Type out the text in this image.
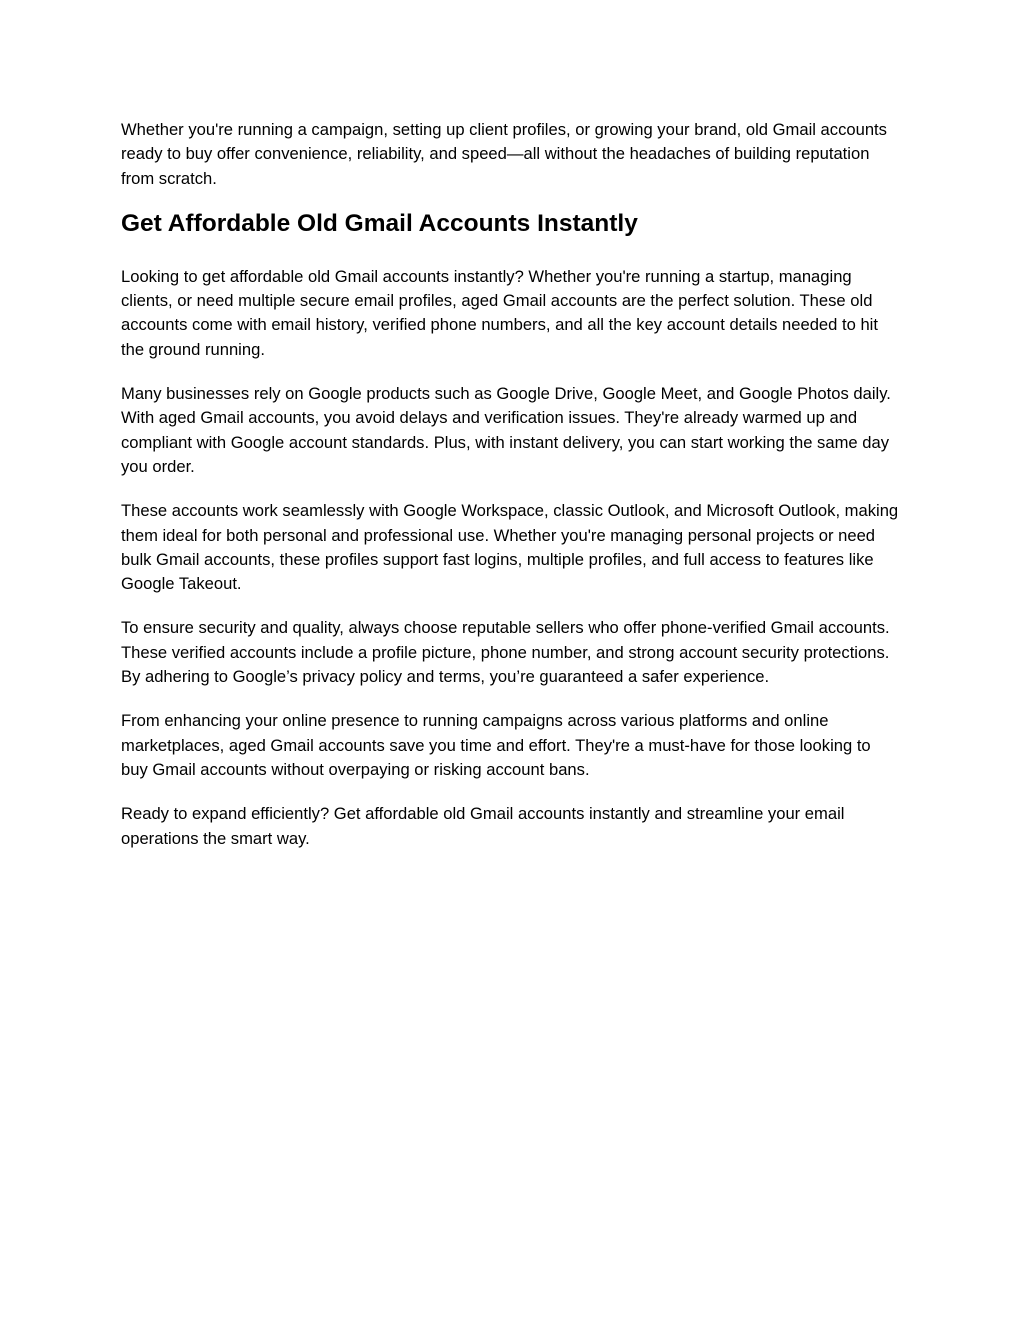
Whether you're running a campaign, setting up client profiles, or growing your brand, old Gmail accounts ready to buy offer convenience, reliability, and speed—all without the headaches of building reputation from scratch.

Get Affordable Old Gmail Accounts Instantly

Looking to get affordable old Gmail accounts instantly? Whether you're running a startup, managing clients, or need multiple secure email profiles, aged Gmail accounts are the perfect solution. These old accounts come with email history, verified phone numbers, and all the key account details needed to hit the ground running.

Many businesses rely on Google products such as Google Drive, Google Meet, and Google Photos daily. With aged Gmail accounts, you avoid delays and verification issues. They're already warmed up and compliant with Google account standards. Plus, with instant delivery, you can start working the same day you order.

These accounts work seamlessly with Google Workspace, classic Outlook, and Microsoft Outlook, making them ideal for both personal and professional use. Whether you're managing personal projects or need bulk Gmail accounts, these profiles support fast logins, multiple profiles, and full access to features like Google Takeout.

To ensure security and quality, always choose reputable sellers who offer phone-verified Gmail accounts. These verified accounts include a profile picture, phone number, and strong account security protections. By adhering to Google’s privacy policy and terms, you’re guaranteed a safer experience.

From enhancing your online presence to running campaigns across various platforms and online marketplaces, aged Gmail accounts save you time and effort. They're a must-have for those looking to buy Gmail accounts without overpaying or risking account bans.

Ready to expand efficiently? Get affordable old Gmail accounts instantly and streamline your email operations the smart way.
